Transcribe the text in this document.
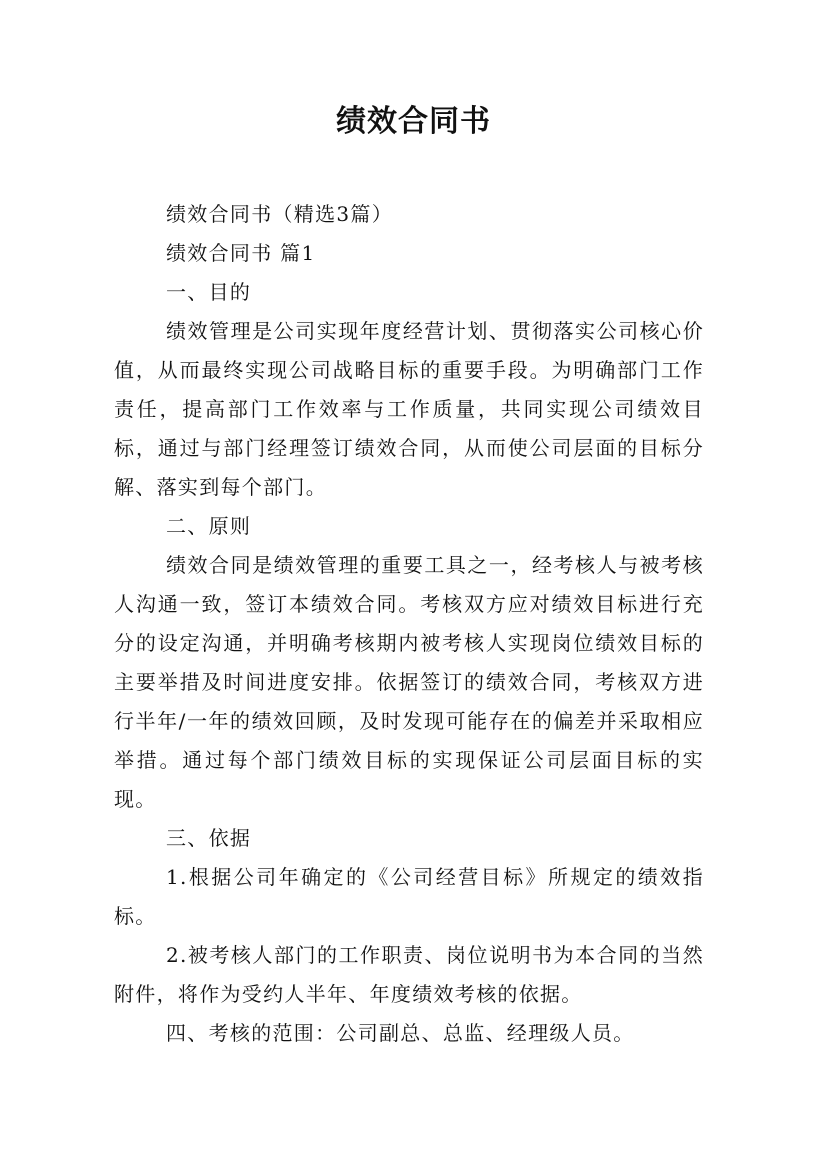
绩效合同书

绩效合同书（精选3篇）

绩效合同书 篇1

一、目的

绩效管理是公司实现年度经营计划、贯彻落实公司核心价值，从而最终实现公司战略目标的重要手段。为明确部门工作责任，提高部门工作效率与工作质量，共同实现公司绩效目标，通过与部门经理签订绩效合同，从而使公司层面的目标分解、落实到每个部门。

二、原则

绩效合同是绩效管理的重要工具之一，经考核人与被考核人沟通一致，签订本绩效合同。考核双方应对绩效目标进行充分的设定沟通，并明确考核期内被考核人实现岗位绩效目标的主要举措及时间进度安排。依据签订的绩效合同，考核双方进行半年/一年的绩效回顾，及时发现可能存在的偏差并采取相应举措。通过每个部门绩效目标的实现保证公司层面目标的实现。

三、依据

1.根据公司年确定的《公司经营目标》所规定的绩效指标。

2.被考核人部门的工作职责、岗位说明书为本合同的当然附件，将作为受约人半年、年度绩效考核的依据。

四、考核的范围：公司副总、总监、经理级人员。
